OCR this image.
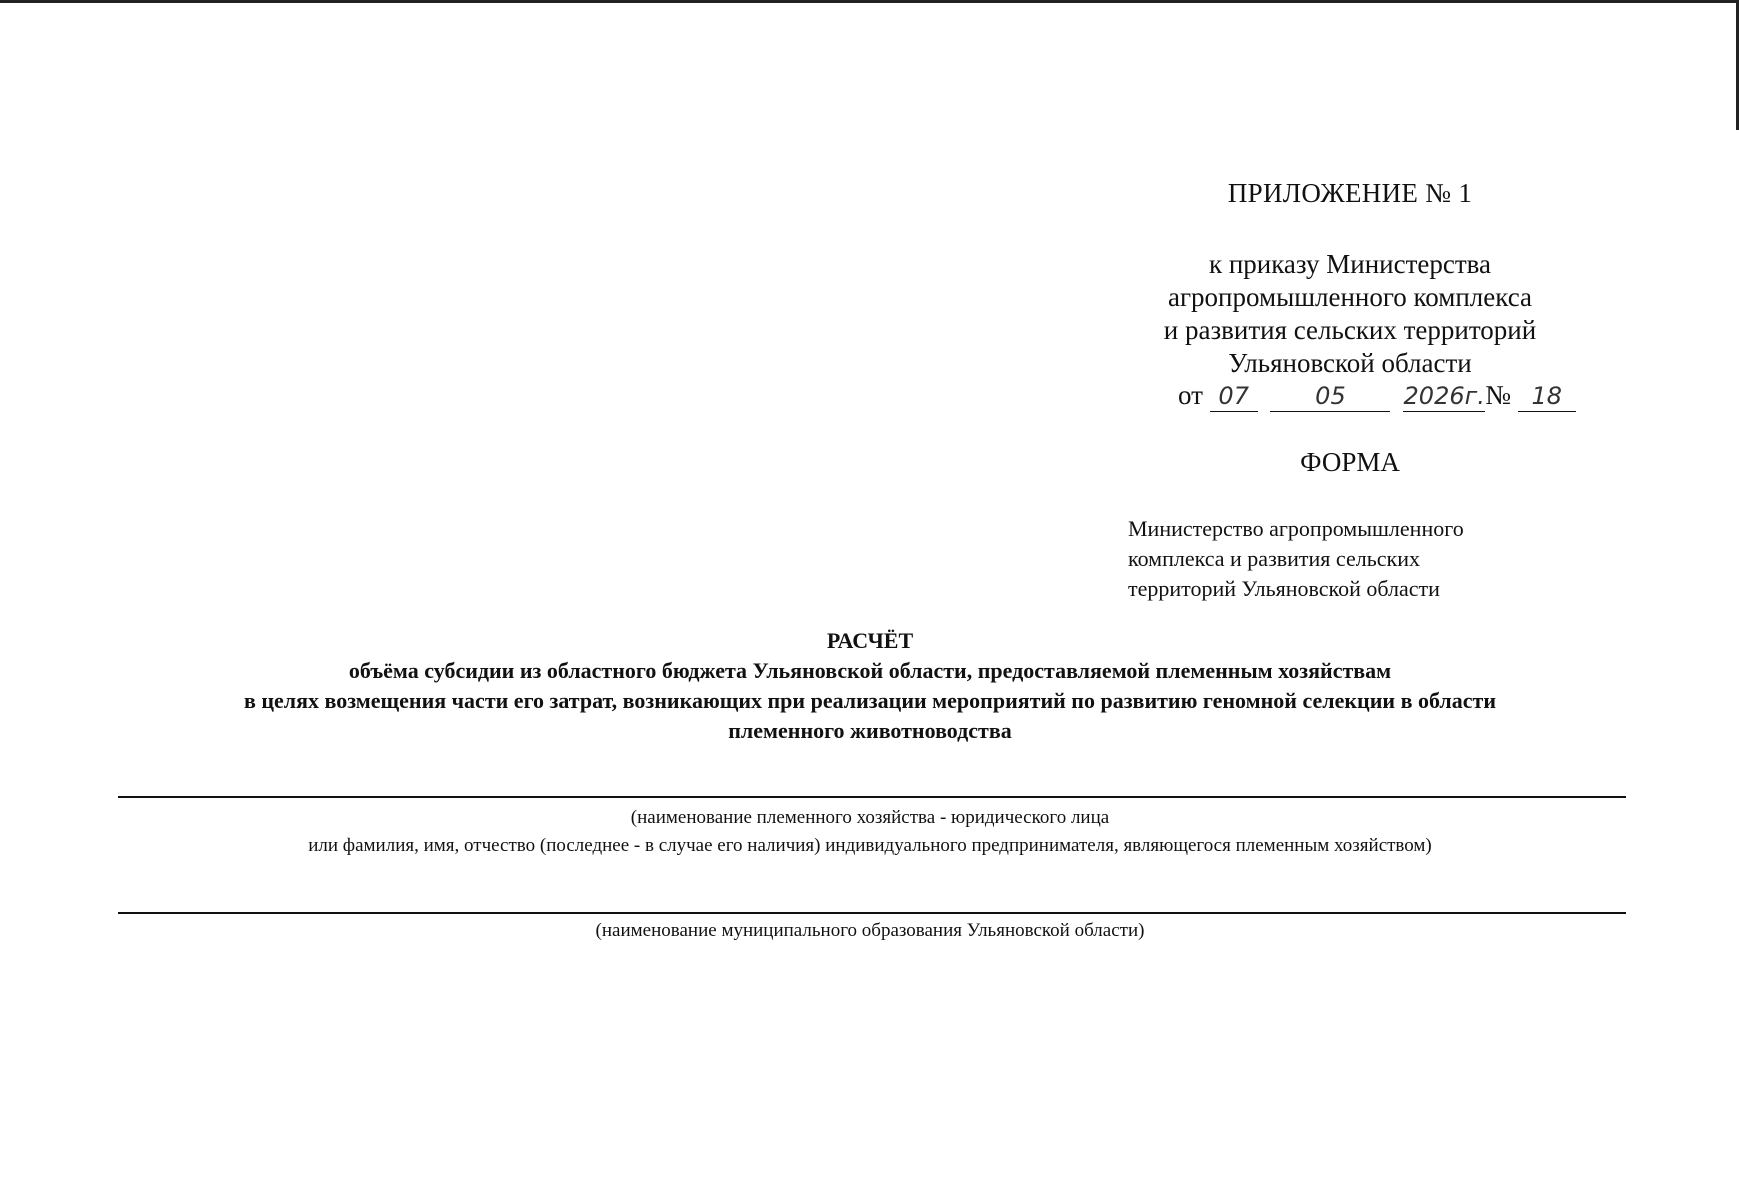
ПРИЛОЖЕНИЕ № 1
к приказу Министерства
агропромышленного комплекса
и развития сельских территорий
Ульяновской области
от 07	05 2026г.№ 18
ФОРМА
Министерство агропромышленного
комплекса и развития сельских
территорий Ульяновской области
РАСЧЁТ
объёма субсидии из областного бюджета Ульяновской области, предоставляемой племенным хозяйствам
в целях возмещения части его затрат, возникающих при реализации мероприятий по развитию геномной селекции в области
племенного животноводства
(наименование племенного хозяйства - юридического лица
или фамилия, имя, отчество (последнее - в случае его наличия) индивидуального предпринимателя, являющегося племенным хозяйством)
(наименование муниципального образования Ульяновской области)
